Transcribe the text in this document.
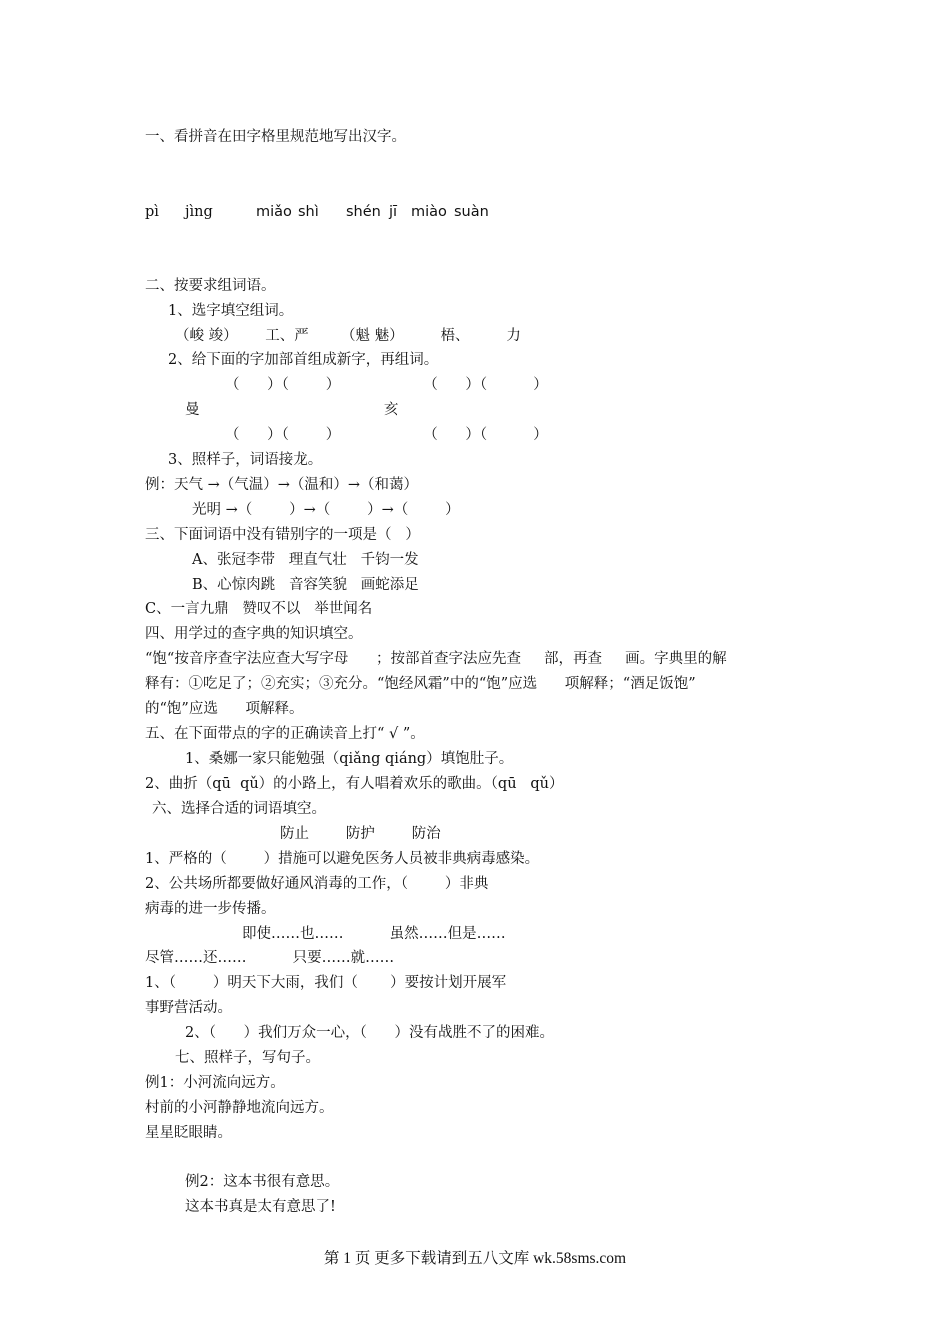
一、看拼音在田字格里规范地写出汉字。
pì jìng	miǎo shì shén jī miào suàn
二、按要求组词语。
1、选字填空组词。
（峻 竣）      工、严       （魁 魅）        梧、        力
2、给下面的字加部首组成新字，再组词。
（      ）（        ）                  （      ）（          ）
曼                                        亥
（      ）（        ）                  （      ）（          ）
3、照样子，词语接龙。
例：天气 →（气温）→（温和）→（和蔼）
光明 →（        ）→（        ）→（        ）
三、下面词语中没有错别字的一项是（   ）
A、张冠李带   理直气壮   千钧一发
B、心惊肉跳   音容笑貌   画蛇添足
C、一言九鼎   赞叹不以   举世闻名
四、用学过的查字典的知识填空。
“饱“按音序查字法应查大写字母      ；按部首查字法应先查     部，再查     画。字典里的解
释有：①吃足了；②充实；③充分。“饱经风霜”中的“饱”应选      项解释；“酒足饭饱”
的“饱”应选      项解释。
五、在下面带点的字的正确读音上打“ √ ”。
1、桑娜一家只能勉强（qiǎng qiáng）填饱肚子。
2、曲折（qū  qǔ）的小路上，有人唱着欢乐的歌曲。（qū   qǔ）
六、选择合适的词语填空。
防止        防护        防治
1、严格的（        ）措施可以避免医务人员被非典病毒感染。
2、公共场所都要做好通风消毒的工作，（        ）非典
病毒的进一步传播。
即使……也……          虽然……但是……
尽管……还……          只要……就……
1、（        ）明天下大雨，我们（       ）要按计划开展军
事野营活动。
2、（      ）我们万众一心，（      ）没有战胜不了的困难。
七、照样子，写句子。
例1：小河流向远方。
村前的小河静静地流向远方。
星星眨眼睛。
例2：这本书很有意思。
这本书真是太有意思了!
第 1 页 更多下载请到五八文库 wk.58sms.com
